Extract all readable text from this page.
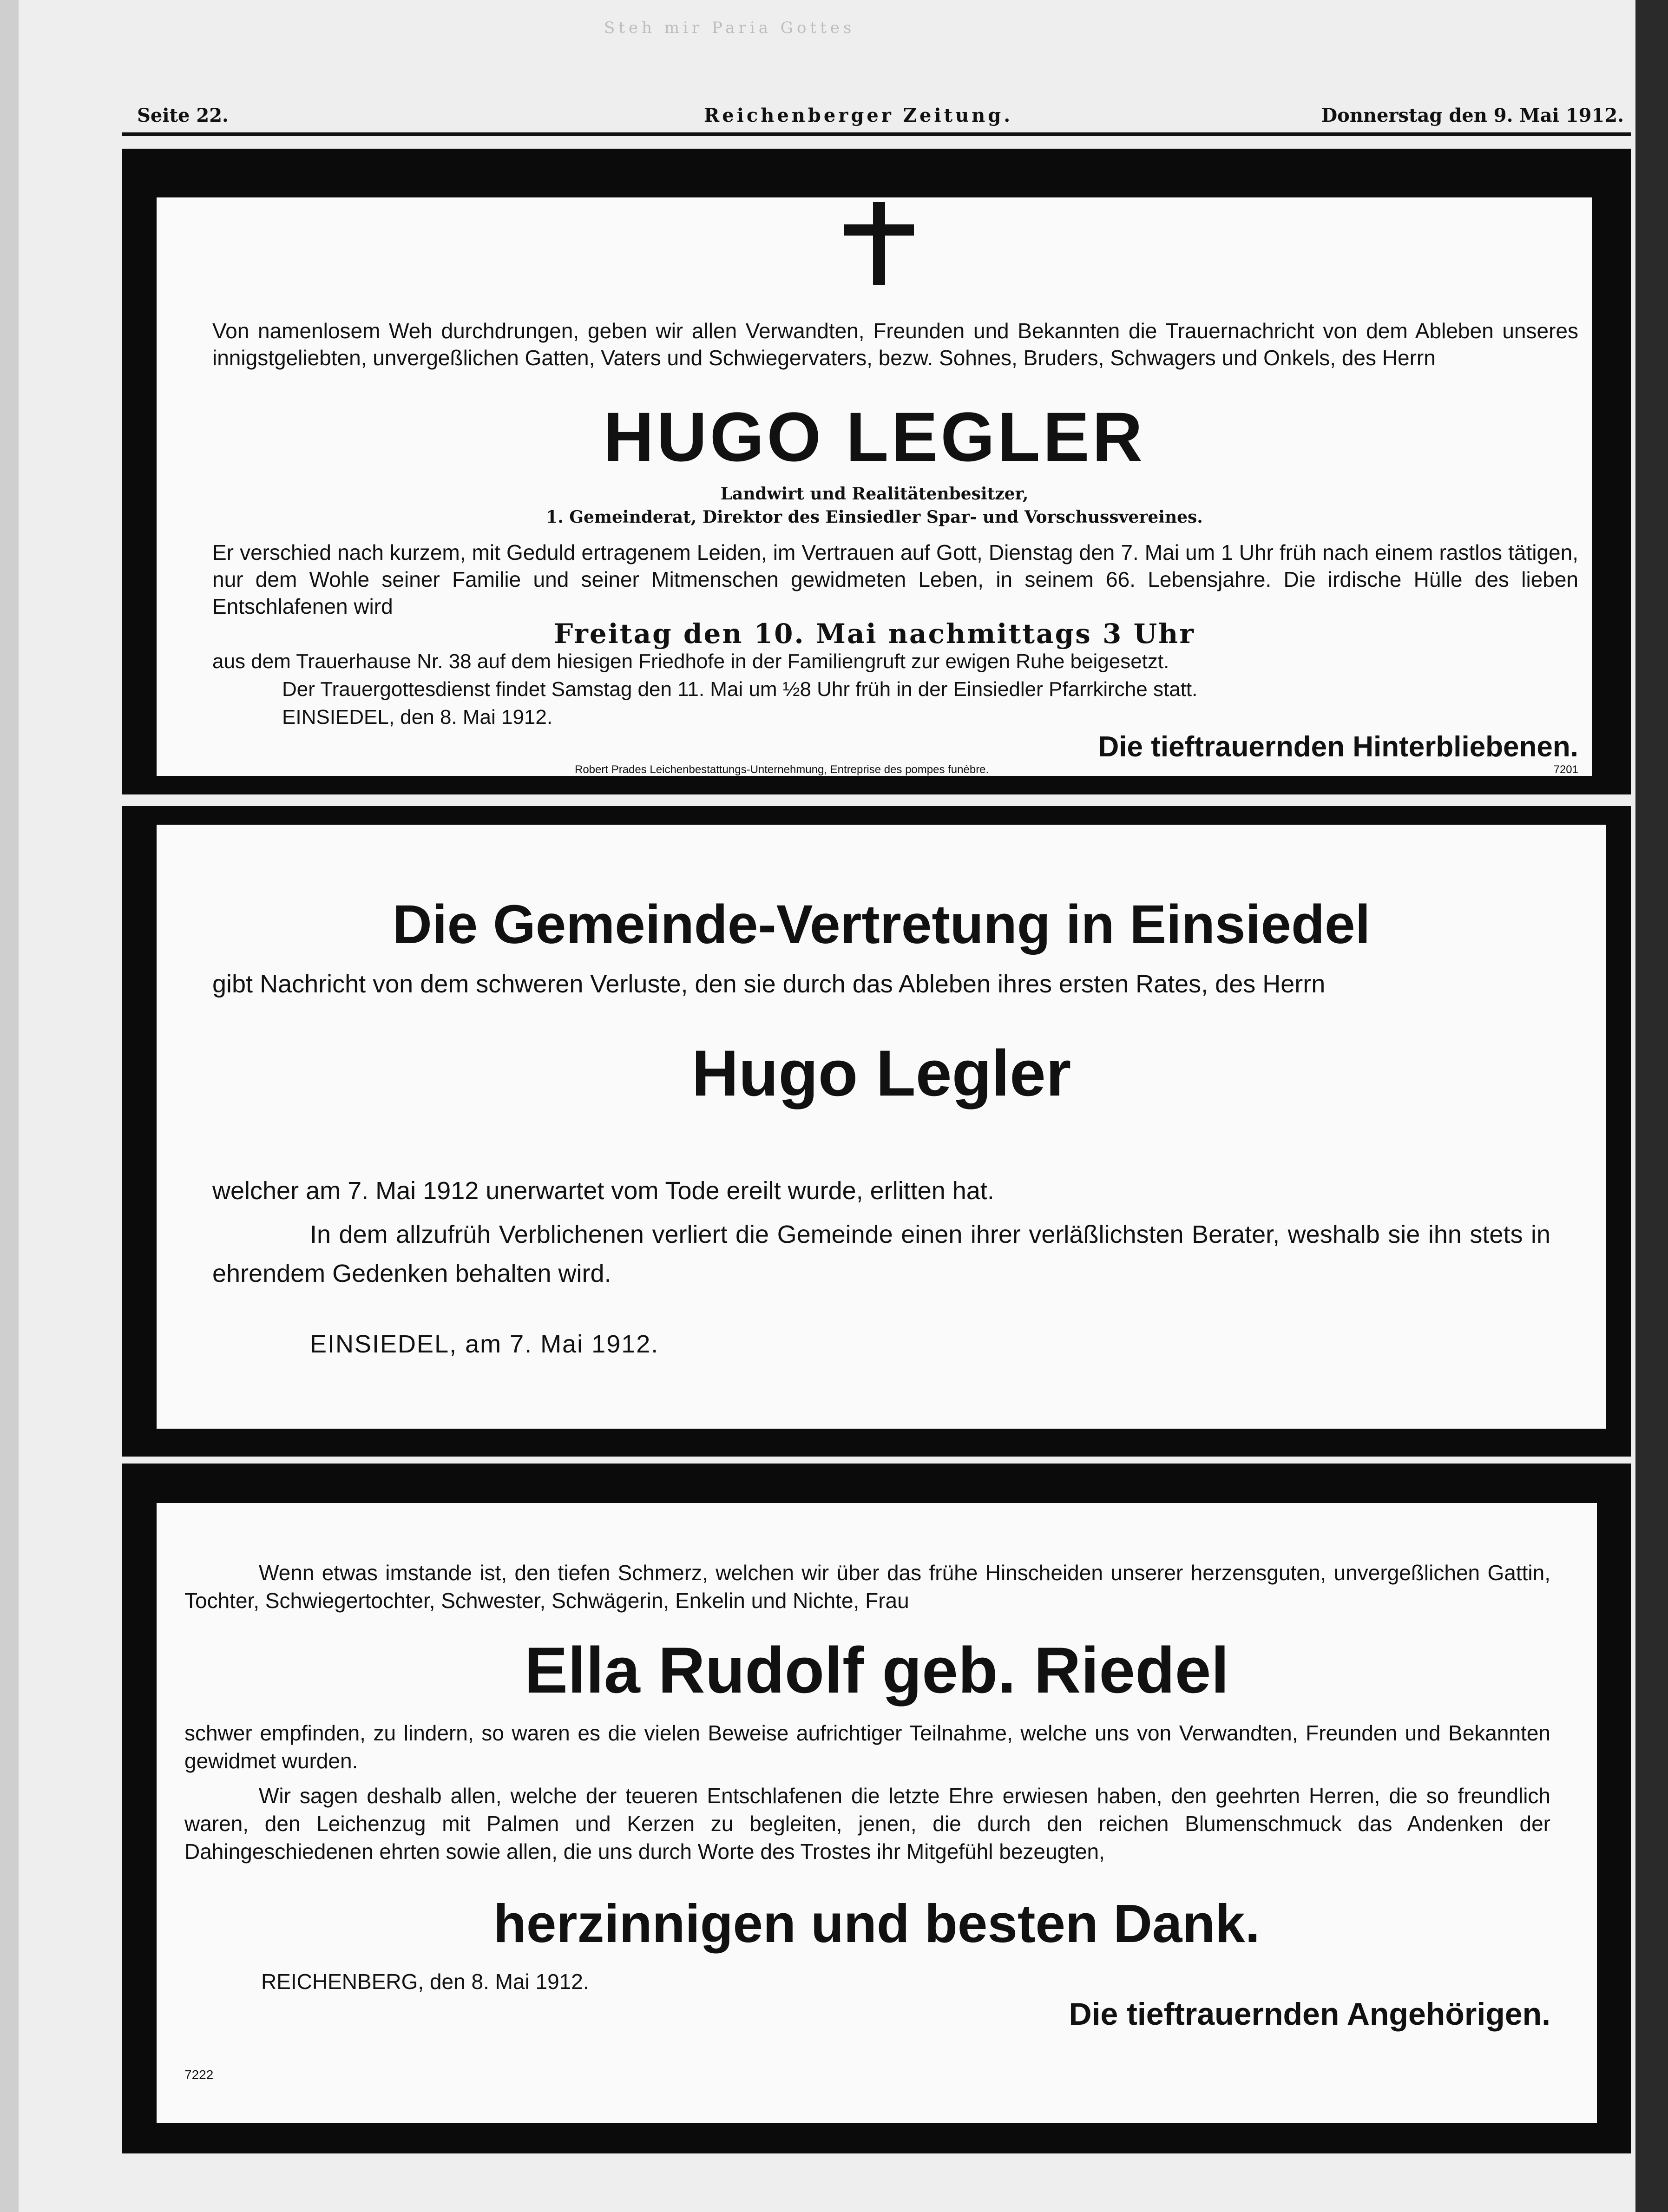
Steh mir Paria Gottes
Seite 22.	Reichenberger Zeitung.	Donnerstag den 9. Mai 1912.
Von namenlosem Weh durchdrungen, geben wir allen Verwandten, Freunden und Bekannten die Trauernachricht von dem Ableben unseres innigstgeliebten, unvergeßlichen Gatten, Vaters und Schwiegervaters, bezw. Sohnes, Bruders, Schwagers und Onkels, des Herrn
HUGO LEGLER
Landwirt und Realitätenbesitzer,
1. Gemeinderat, Direktor des Einsiedler Spar- und Vorschussvereines.
Er verschied nach kurzem, mit Geduld ertragenem Leiden, im Vertrauen auf Gott, Dienstag den 7. Mai um 1 Uhr früh nach einem rastlos tätigen, nur dem Wohle seiner Familie und seiner Mitmenschen gewidmeten Leben, in seinem 66. Lebensjahre. Die irdische Hülle des lieben Entschlafenen wird
Freitag den 10. Mai nachmittags 3 Uhr
aus dem Trauerhause Nr. 38 auf dem hiesigen Friedhofe in der Familiengruft zur ewigen Ruhe beigesetzt.
Der Trauergottesdienst findet Samstag den 11. Mai um ½8 Uhr früh in der Einsiedler Pfarrkirche statt.
EINSIEDEL, den 8. Mai 1912.
Die tieftrauernden Hinterbliebenen.
Robert Prades Leichenbestattungs-Unternehmung, Entreprise des pompes funèbre.	7201
Die Gemeinde-Vertretung in Einsiedel
gibt Nachricht von dem schweren Verluste, den sie durch das Ableben ihres ersten Rates, des Herrn
Hugo Legler
welcher am 7. Mai 1912 unerwartet vom Tode ereilt wurde, erlitten hat.
In dem allzufrüh Verblichenen verliert die Gemeinde einen ihrer verläßlichsten Berater, weshalb sie ihn stets in ehrendem Gedenken behalten wird.
EINSIEDEL, am 7. Mai 1912.
Wenn etwas imstande ist, den tiefen Schmerz, welchen wir über das frühe Hinscheiden unserer herzensguten, unvergeßlichen Gattin, Tochter, Schwiegertochter, Schwester, Schwägerin, Enkelin und Nichte, Frau
Ella Rudolf geb. Riedel
schwer empfinden, zu lindern, so waren es die vielen Beweise aufrichtiger Teilnahme, welche uns von Verwandten, Freunden und Bekannten gewidmet wurden.
Wir sagen deshalb allen, welche der teueren Entschlafenen die letzte Ehre erwiesen haben, den geehrten Herren, die so freundlich waren, den Leichenzug mit Palmen und Kerzen zu begleiten, jenen, die durch den reichen Blumenschmuck das Andenken der Dahingeschiedenen ehrten sowie allen, die uns durch Worte des Trostes ihr Mitgefühl bezeugten,
herzinnigen und besten Dank.
REICHENBERG, den 8. Mai 1912.
Die tieftrauernden Angehörigen.
7222
